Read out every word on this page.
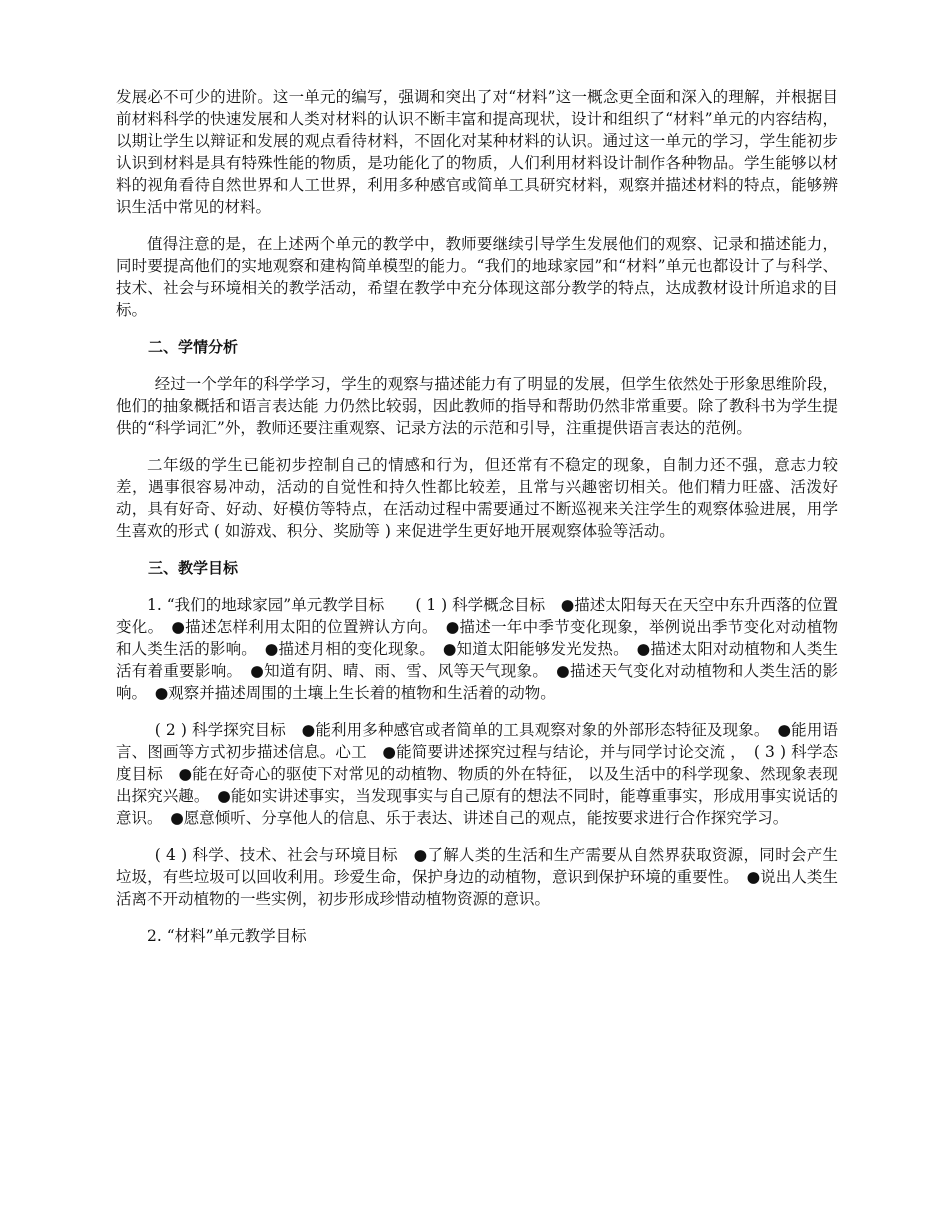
发展必不可少的进阶。这一单元的编写，强调和突出了对“材料”这一概念更全面和深入的理解，并根据目前材料科学的快速发展和人类对材料的认识不断丰富和提高现状，设计和组织了“材料”单元的内容结构，以期让学生以辩证和发展的观点看待材料，不固化对某种材料的认识。通过这一单元的学习，学生能初步认识到材料是具有特殊性能的物质，是功能化了的物质，人们利用材料设计制作各种物品。学生能够以材料的视角看待自然世界和人工世界，利用多种感官或简单工具研究材料，观察并描述材料的特点，能够辨识生活中常见的材料。

值得注意的是，在上述两个单元的教学中，教师要继续引导学生发展他们的观察、记录和描述能力，同时要提高他们的实地观察和建构简单模型的能力。“我们的地球家园”和“材料”单元也都设计了与科学、技术、社会与环境相关的教学活动，希望在教学中充分体现这部分教学的特点，达成教材设计所追求的目标。

二、学情分析

经过一个学年的科学学习，学生的观察与描述能力有了明显的发展，但学生依然处于形象思维阶段，他们的抽象概括和语言表达能 力仍然比较弱，因此教师的指导和帮助仍然非常重要。除了教科书为学生提供的“科学词汇”外，教师还要注重观察、记录方法的示范和引导，注重提供语言表达的范例。

二年级的学生已能初步控制自己的情感和行为，但还常有不稳定的现象，自制力还不强，意志力较差，遇事很容易冲动，活动的自觉性和持久性都比较差，且常与兴趣密切相关。他们精力旺盛、活泼好动，具有好奇、好动、好模仿等特点，在活动过程中需要通过不断巡视来关注学生的观察体验进展，用学生喜欢的形式 ( 如游戏、积分、奖励等 ) 来促进学生更好地开展观察体验等活动。

三、教学目标

1. “我们的地球家园”单元教学目标　　( 1 ) 科学概念目标　●描述太阳每天在天空中东升西落的位置变化。　●描述怎样利用太阳的位置辨认方向。　●描述一年中季节变化现象，举例说出季节变化对动植物和人类生活的影响。　●描述月相的变化现象。　●知道太阳能够发光发热。　●描述太阳对动植物和人类生活有着重要影响。　●知道有阴、晴、雨、雪、风等天气现象。　●描述天气变化对动植物和人类生活的影响。　●观察并描述周围的土壤上生长着的植物和生活着的动物。

( 2 ) 科学探究目标　●能利用多种感官或者简单的工具观察对象的外部形态特征及现象。　●能用语言、图画等方式初步描述信息。心工　●能简要讲述探究过程与结论，并与同学讨论交流 ，　( 3 ) 科学态度目标　●能在好奇心的驱使下对常见的动植物、物质的外在特征， 以及生活中的科学现象、然现象表现出探究兴趣。　●能如实讲述事实，当发现事实与自己原有的想法不同时，能尊重事实，形成用事实说话的意识。　●愿意倾听、分享他人的信息、乐于表达、讲述自己的观点，能按要求进行合作探究学习。

( 4 ) 科学、技术、社会与环境目标　●了解人类的生活和生产需要从自然界获取资源，同时会产生垃圾，有些垃圾可以回收利用。珍爱生命，保护身边的动植物，意识到保护环境的重要性。　●说出人类生活离不开动植物的一些实例，初步形成珍惜动植物资源的意识。

2. “材料”单元教学目标
